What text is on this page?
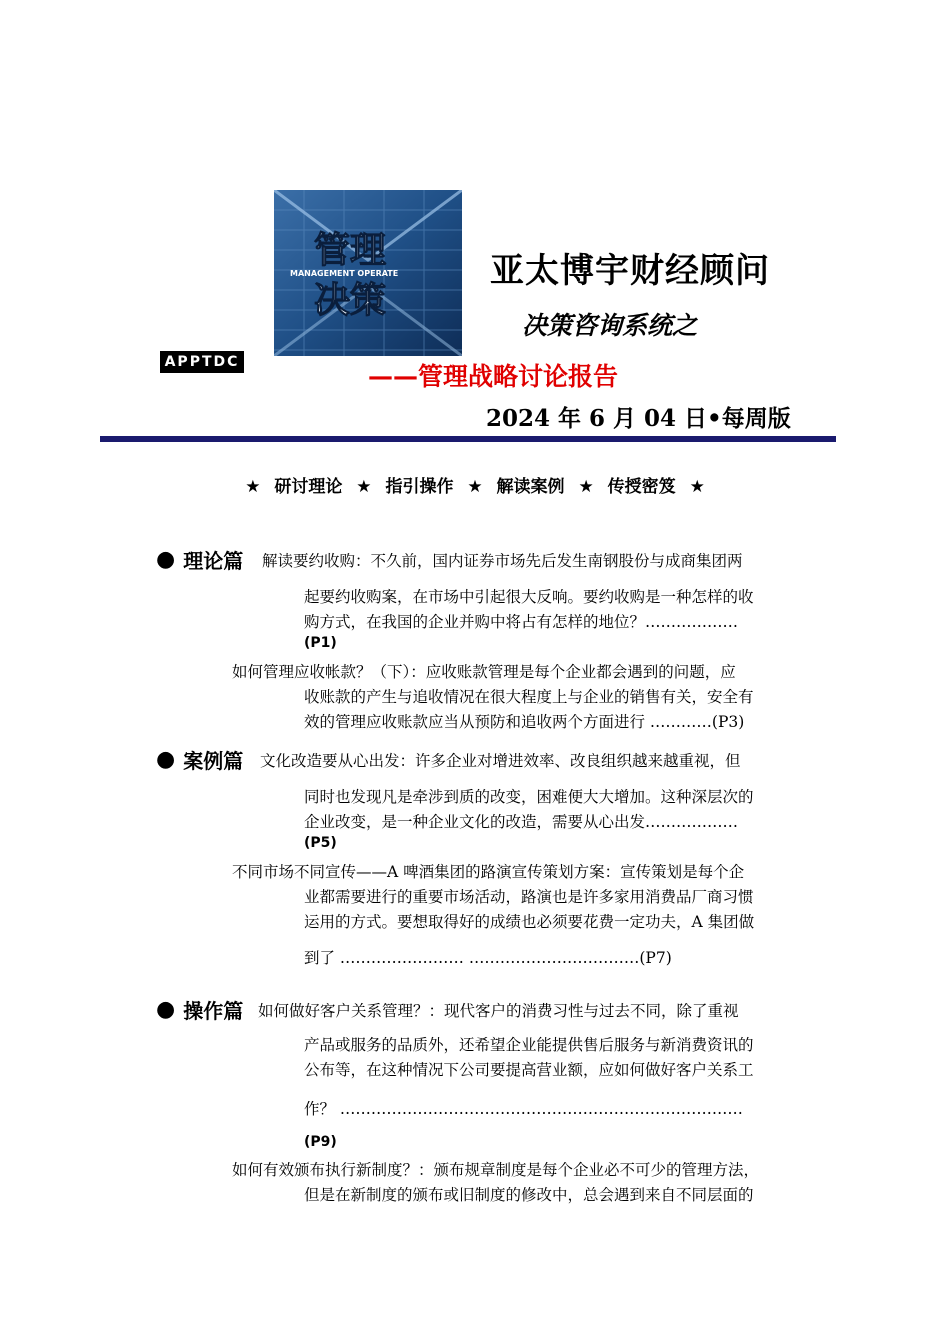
管理
MANAGEMENT OPERATE
决策
APPTDC
亚太博宇财经顾问
决策咨询系统之
——管理战略讨论报告
2024 年 6 月 04 日•每周版
★ 研讨理论 ★ 指引操作 ★ 解读案例 ★ 传授密笈 ★
● 理论篇 解读要约收购：不久前，国内证券市场先后发生南钢股份与成商集团两
起要约收购案，在市场中引起很大反响。要约收购是一种怎样的收
购方式，在我国的企业并购中将占有怎样的地位？………………
(P1)
如何管理应收帐款？（下）：应收账款管理是每个企业都会遇到的问题，应
收账款的产生与追收情况在很大程度上与企业的销售有关，安全有
效的管理应收账款应当从预防和追收两个方面进行 …………(P3)
● 案例篇 文化改造要从心出发：许多企业对增进效率、改良组织越来越重视，但
同时也发现凡是牵涉到质的改变，困难便大大增加。这种深层次的
企业改变，是一种企业文化的改造，需要从心出发………………
(P5)
不同市场不同宣传——A 啤酒集团的路演宣传策划方案：宣传策划是每个企
业都需要进行的重要市场活动，路演也是许多家用消费品厂商习惯
运用的方式。要想取得好的成绩也必须要花费一定功夫，A 集团做
到了 …………………… ……………………………(P7)
● 操作篇 如何做好客户关系管理？：现代客户的消费习性与过去不同，除了重视
产品或服务的品质外，还希望企业能提供售后服务与新消费资讯的
公布等，在这种情况下公司要提高营业额，应如何做好客户关系工
作？ ……………………………………………………………………
(P9)
如何有效颁布执行新制度？：颁布规章制度是每个企业必不可少的管理方法，
但是在新制度的颁布或旧制度的修改中，总会遇到来自不同层面的
